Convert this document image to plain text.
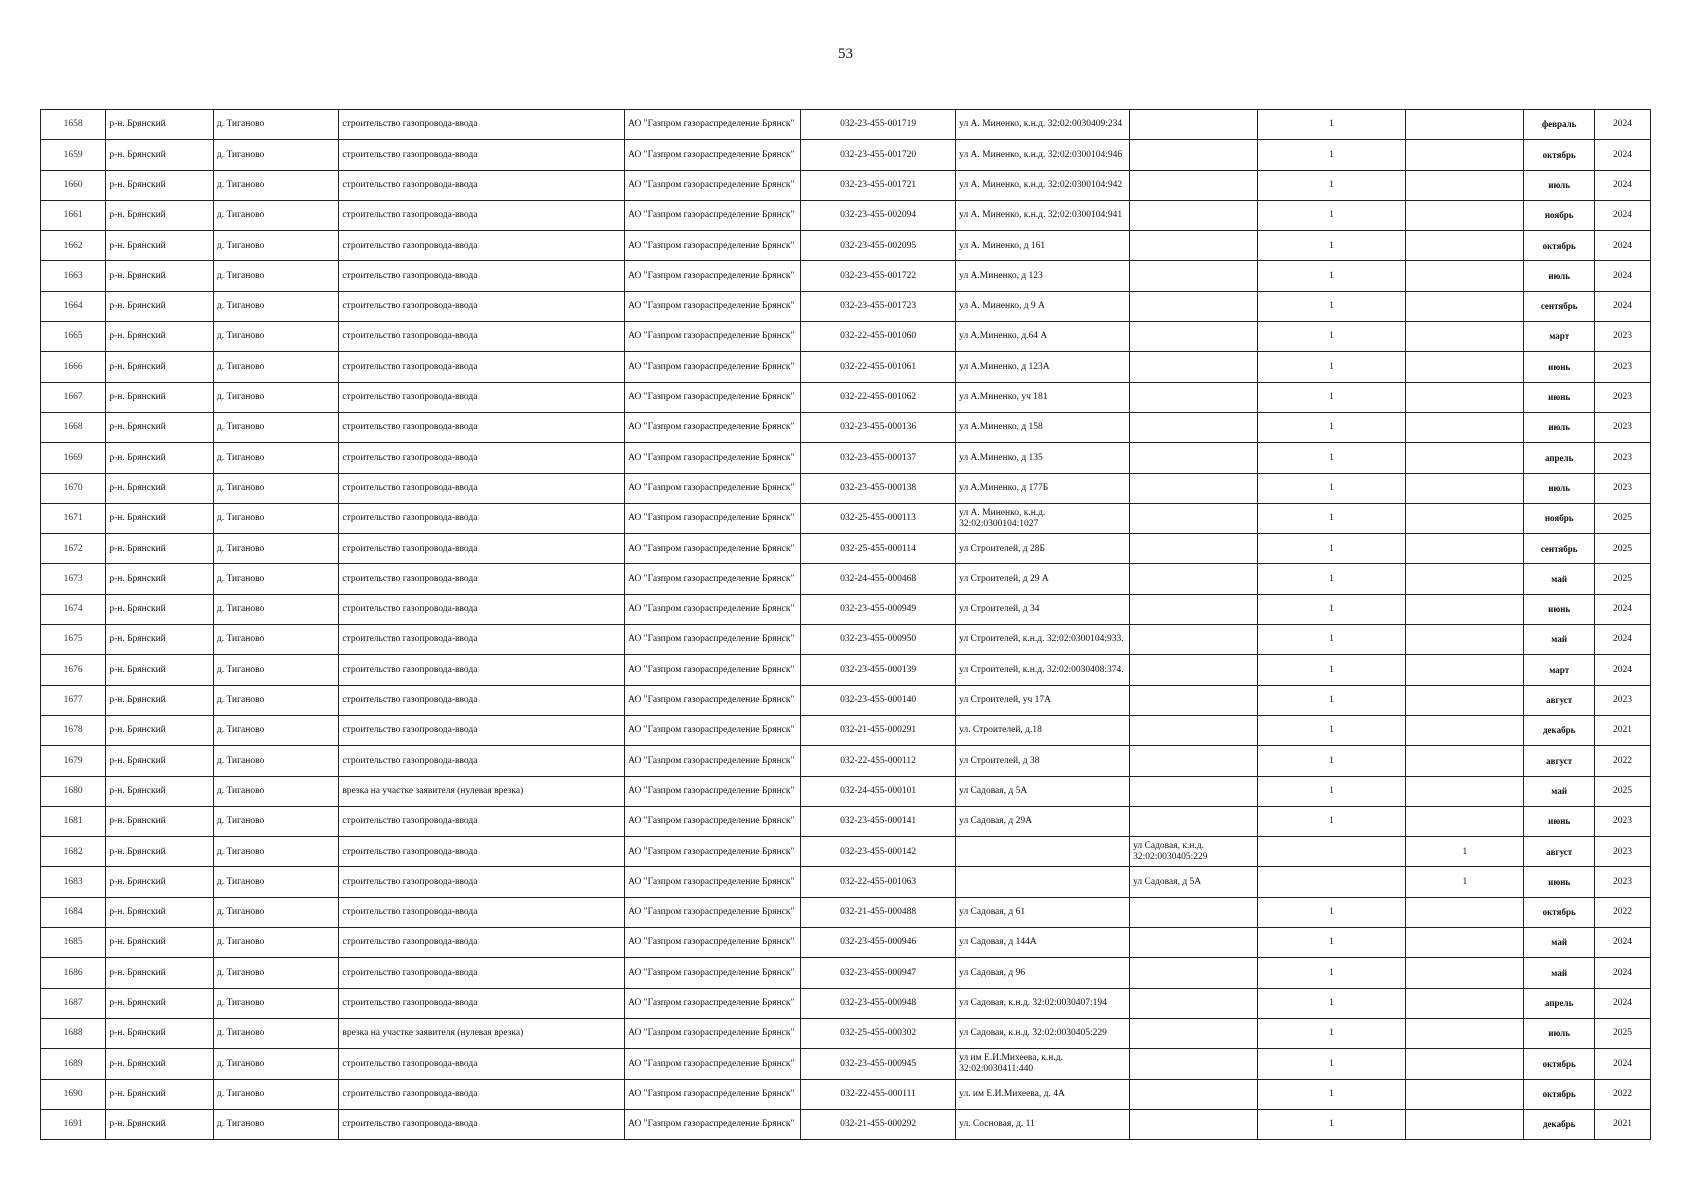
53
1658	р-н. Брянский	д. Тиганово	строительство газопровода-ввода	АО "Газпром газораспределение Брянск"	032-23-455-001719	ул А. Миненко, к.н.д. 32:02:0030409:234		1		февраль	2024
1659	р-н. Брянский	д. Тиганово	строительство газопровода-ввода	АО "Газпром газораспределение Брянск"	032-23-455-001720	ул А. Миненко, к.н.д. 32:02:0300104:946		1		октябрь	2024
1660	р-н. Брянский	д. Тиганово	строительство газопровода-ввода	АО "Газпром газораспределение Брянск"	032-23-455-001721	ул А. Миненко, к.н.д. 32:02:0300104:942		1		июль	2024
1661	р-н. Брянский	д. Тиганово	строительство газопровода-ввода	АО "Газпром газораспределение Брянск"	032-23-455-002094	ул А. Миненко, к.н.д. 32:02:0300104:941		1		ноябрь	2024
1662	р-н. Брянский	д. Тиганово	строительство газопровода-ввода	АО "Газпром газораспределение Брянск"	032-23-455-002095	ул А. Миненко, д 161		1		октябрь	2024
1663	р-н. Брянский	д. Тиганово	строительство газопровода-ввода	АО "Газпром газораспределение Брянск"	032-23-455-001722	ул А.Миненко, д 123		1		июль	2024
1664	р-н. Брянский	д. Тиганово	строительство газопровода-ввода	АО "Газпром газораспределение Брянск"	032-23-455-001723	ул А. Миненко, д 9 А		1		сентябрь	2024
1665	р-н. Брянский	д. Тиганово	строительство газопровода-ввода	АО "Газпром газораспределение Брянск"	032-22-455-001060	ул А.Миненко, д.64 А		1		март	2023
1666	р-н. Брянский	д. Тиганово	строительство газопровода-ввода	АО "Газпром газораспределение Брянск"	032-22-455-001061	ул А.Миненко, д 123А		1		июнь	2023
1667	р-н. Брянский	д. Тиганово	строительство газопровода-ввода	АО "Газпром газораспределение Брянск"	032-22-455-001062	ул А.Миненко, уч 181		1		июнь	2023
1668	р-н. Брянский	д. Тиганово	строительство газопровода-ввода	АО "Газпром газораспределение Брянск"	032-23-455-000136	ул А.Миненко, д 158		1		июль	2023
1669	р-н. Брянский	д. Тиганово	строительство газопровода-ввода	АО "Газпром газораспределение Брянск"	032-23-455-000137	ул А.Миненко, д 135		1		апрель	2023
1670	р-н. Брянский	д. Тиганово	строительство газопровода-ввода	АО "Газпром газораспределение Брянск"	032-23-455-000138	ул А.Миненко, д 177Б		1		июль	2023
1671	р-н. Брянский	д. Тиганово	строительство газопровода-ввода	АО "Газпром газораспределение Брянск"	032-25-455-000113	ул А. Миненко, к.н.д. 32:02:0300104:1027		1		ноябрь	2025
1672	р-н. Брянский	д. Тиганово	строительство газопровода-ввода	АО "Газпром газораспределение Брянск"	032-25-455-000114	ул Строителей, д 28Б		1		сентябрь	2025
1673	р-н. Брянский	д. Тиганово	строительство газопровода-ввода	АО "Газпром газораспределение Брянск"	032-24-455-000468	ул Строителей, д 29 А		1		май	2025
1674	р-н. Брянский	д. Тиганово	строительство газопровода-ввода	АО "Газпром газораспределение Брянск"	032-23-455-000949	ул Строителей, д 34		1		июнь	2024
1675	р-н. Брянский	д. Тиганово	строительство газопровода-ввода	АО "Газпром газораспределение Брянск"	032-23-455-000950	ул Строителей, к.н.д. 32:02:0300104:933.		1		май	2024
1676	р-н. Брянский	д. Тиганово	строительство газопровода-ввода	АО "Газпром газораспределение Брянск"	032-23-455-000139	ул Строителей, к.н.д. 32:02:0030408:374.		1		март	2024
1677	р-н. Брянский	д. Тиганово	строительство газопровода-ввода	АО "Газпром газораспределение Брянск"	032-23-455-000140	ул Строителей, уч 17А		1		август	2023
1678	р-н. Брянский	д. Тиганово	строительство газопровода-ввода	АО "Газпром газораспределение Брянск"	032-21-455-000291	ул. Строителей, д.18		1		декабрь	2021
1679	р-н. Брянский	д. Тиганово	строительство газопровода-ввода	АО "Газпром газораспределение Брянск"	032-22-455-000112	ул Строителей, д 38		1		август	2022
1680	р-н. Брянский	д. Тиганово	врезка на участке заявителя (нулевая врезка)	АО "Газпром газораспределение Брянск"	032-24-455-000101	ул Садовая, д 5А		1		май	2025
1681	р-н. Брянский	д. Тиганово	строительство газопровода-ввода	АО "Газпром газораспределение Брянск"	032-23-455-000141	ул Садовая, д 29А		1		июнь	2023
1682	р-н. Брянский	д. Тиганово	строительство газопровода-ввода	АО "Газпром газораспределение Брянск"	032-23-455-000142		ул Садовая, к.н.д. 32:02:0030405:229		1	август	2023
1683	р-н. Брянский	д. Тиганово	строительство газопровода-ввода	АО "Газпром газораспределение Брянск"	032-22-455-001063		ул Садовая, д 5А		1	июнь	2023
1684	р-н. Брянский	д. Тиганово	строительство газопровода-ввода	АО "Газпром газораспределение Брянск"	032-21-455-000488	ул Садовая, д 61		1		октябрь	2022
1685	р-н. Брянский	д. Тиганово	строительство газопровода-ввода	АО "Газпром газораспределение Брянск"	032-23-455-000946	ул Садовая, д 144А		1		май	2024
1686	р-н. Брянский	д. Тиганово	строительство газопровода-ввода	АО "Газпром газораспределение Брянск"	032-23-455-000947	ул Садовая, д 96		1		май	2024
1687	р-н. Брянский	д. Тиганово	строительство газопровода-ввода	АО "Газпром газораспределение Брянск"	032-23-455-000948	ул Садовая, к.н.д. 32:02:0030407:194		1		апрель	2024
1688	р-н. Брянский	д. Тиганово	врезка на участке заявителя (нулевая врезка)	АО "Газпром газораспределение Брянск"	032-25-455-000302	ул Садовая, к.н.д. 32:02:0030405:229		1		июль	2025
1689	р-н. Брянский	д. Тиганово	строительство газопровода-ввода	АО "Газпром газораспределение Брянск"	032-23-455-000945	ул им Е.И.Михеева, к.н.д. 32:02:0030411:440		1		октябрь	2024
1690	р-н. Брянский	д. Тиганово	строительство газопровода-ввода	АО "Газпром газораспределение Брянск"	032-22-455-000111	ул. им Е.И.Михеева, д. 4А		1		октябрь	2022
1691	р-н. Брянский	д. Тиганово	строительство газопровода-ввода	АО "Газпром газораспределение Брянск"	032-21-455-000292	ул. Сосновая, д. 11		1		декабрь	2021
